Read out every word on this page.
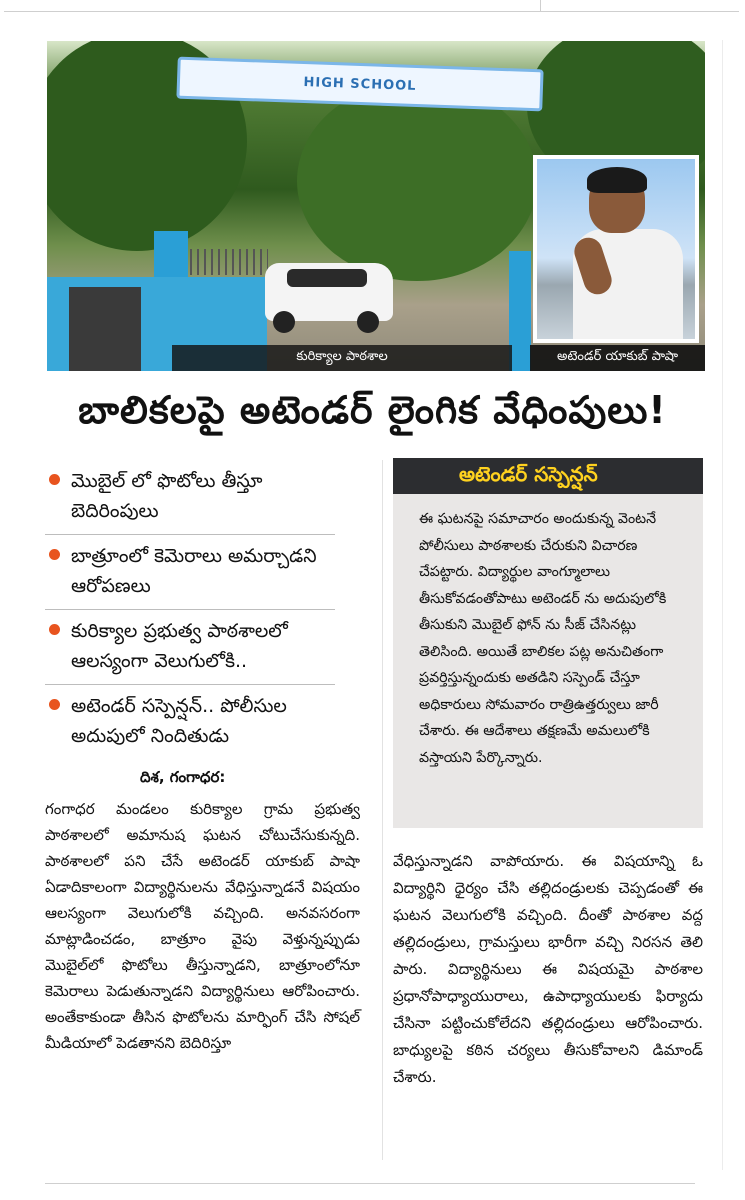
HIGH SCHOOL
కురిక్యాల పాఠశాల	అటెండర్ యాకుబ్ పాషా
బాలికలపై అటెండర్ లైంగిక వేధింపులు!
మొబైల్ లో ఫొటోలు తీస్తూ బెదిరింపులు
బాత్రూంలో కెమెరాలు అమర్చాడని ఆరోపణలు
కురిక్యాల ప్రభుత్వ పాఠశాలలో ఆలస్యంగా వెలుగులోకి..
అటెండర్ సస్పెన్షన్.. పోలీసుల అదుపులో నిందితుడు
అటెండర్ సస్పెన్షన్
ఈ ఘటనపై సమాచారం అందుకున్న వెంటనే పోలీసులు పాఠశాలకు చేరుకుని విచారణ చేపట్టారు. విద్యార్థుల వాంగ్మూలాలు తీసుకోవడంతోపాటు అటెండర్ ను అదుపులోకి తీసుకుని మొబైల్ ఫోన్ ను సీజ్ చేసినట్లు తెలిసింది. అయితే బాలికల పట్ల అనుచితంగా ప్రవర్తిస్తున్నందుకు అతడిని సస్పెండ్ చేస్తూ అధికారులు సోమవారం రాత్రిఉత్తర్వులు జారీ చేశారు. ఈ ఆదేశాలు తక్షణమే అమలులోకి వస్తాయని పేర్కొన్నారు.
దిశ, గంగాధర:
గంగాధర మండలం కురిక్యాల గ్రామ ప్రభుత్వ పాఠశాలలో అమానుష ఘటన చోటుచేసుకున్నది. పాఠశాలలో పని చేసే అటెండర్ యాకుబ్ పాషా ఏడాదికాలంగా విద్యార్థినులను వేధిస్తున్నాడనే విషయం ఆలస్యంగా వెలుగులోకి వచ్చింది. అనవసరంగా మాట్లాడించడం, బాత్రూం వైపు వెళ్తున్నప్పుడు మొబైల్‌లో ఫొటోలు తీస్తున్నాడని, బాత్రూంలోనూ కెమెరాలు పెడుతున్నాడని విద్యార్థినులు ఆరోపించారు. అంతేకాకుండా తీసిన ఫొటోలను మార్ఫింగ్ చేసి సోషల్ మీడియాలో పెడతానని బెదిరిస్తూ
వేధిస్తున్నాడని వాపోయారు. ఈ విషయాన్ని ఓ విద్యార్థిని ధైర్యం చేసి తల్లిదండ్రులకు చెప్పడంతో ఈ ఘటన వెలుగులోకి వచ్చింది. దీంతో పాఠశాల వద్ద తల్లిదండ్రులు, గ్రామస్తులు భారీగా వచ్చి నిరసన తెలి పారు. విద్యార్థినులు ఈ విషయమై పాఠశాల ప్రధానోపాధ్యాయురాలు, ఉపాధ్యాయులకు ఫిర్యాదు చేసినా పట్టించుకోలేదని తల్లిదండ్రులు ఆరోపించారు. బాధ్యులపై కఠిన చర్యలు తీసుకోవాలని డిమాండ్ చేశారు.
